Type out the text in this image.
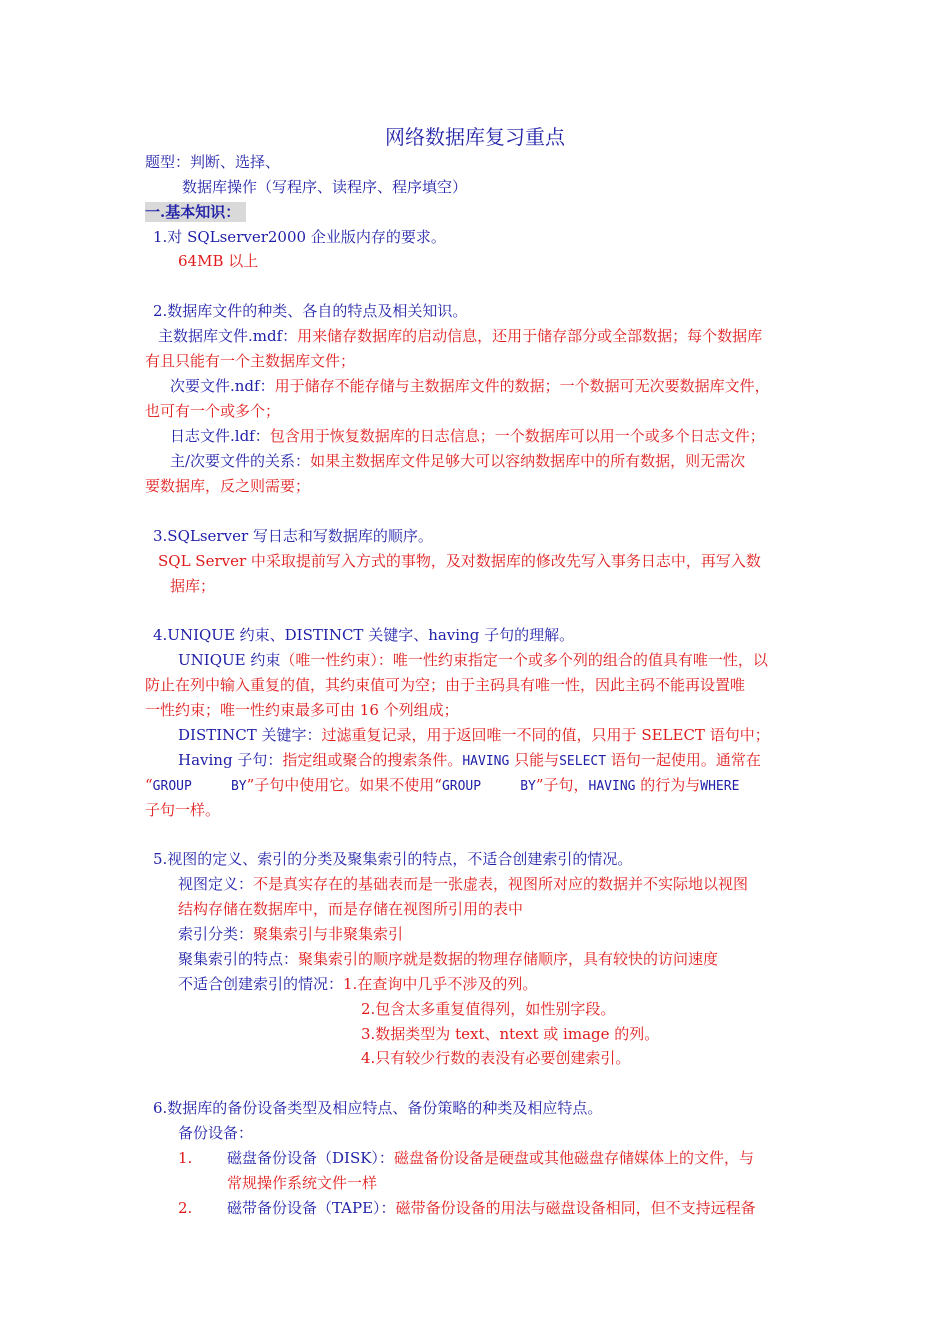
网络数据库复习重点
题型：判断、选择、
数据库操作（写程序、读程序、程序填空）
一.基本知识：
1.对 SQLserver2000 企业版内存的要求。
64MB 以上
2.数据库文件的种类、各自的特点及相关知识。
主数据库文件.mdf：用来储存数据库的启动信息，还用于储存部分或全部数据；每个数据库
有且只能有一个主数据库文件；
次要文件.ndf：用于储存不能存储与主数据库文件的数据；一个数据可无次要数据库文件，
也可有一个或多个；
日志文件.ldf：包含用于恢复数据库的日志信息；一个数据库可以用一个或多个日志文件；
主/次要文件的关系：如果主数据库文件足够大可以容纳数据库中的所有数据，则无需次
要数据库，反之则需要；
3.SQLserver 写日志和写数据库的顺序。
SQL Server 中采取提前写入方式的事物，及对数据库的修改先写入事务日志中，再写入数
据库；
4.UNIQUE 约束、DISTINCT 关键字、having 子句的理解。
UNIQUE 约束（唯一性约束）：唯一性约束指定一个或多个列的组合的值具有唯一性，以
防止在列中输入重复的值，其约束值可为空；由于主码具有唯一性，因此主码不能再设置唯
一性约束；唯一性约束最多可由 16 个列组成；
DISTINCT 关键字：过滤重复记录，用于返回唯一不同的值，只用于 SELECT 语句中；
Having 子句：指定组或聚合的搜索条件。HAVING 只能与SELECT 语句一起使用。通常在
“GROUP     BY”子句中使用它。如果不使用“GROUP     BY”子句，HAVING 的行为与WHERE
子句一样。
5.视图的定义、索引的分类及聚集索引的特点，不适合创建索引的情况。
视图定义：不是真实存在的基础表而是一张虚表，视图所对应的数据并不实际地以视图
结构存储在数据库中，而是存储在视图所引用的表中
索引分类：聚集索引与非聚集索引
聚集索引的特点：聚集索引的顺序就是数据的物理存储顺序，具有较快的访问速度
不适合创建索引的情况：1.在查询中几乎不涉及的列。
2.包含太多重复值得列，如性别字段。
3.数据类型为 text、ntext 或 image 的列。
4.只有较少行数的表没有必要创建索引。
6.数据库的备份设备类型及相应特点、备份策略的种类及相应特点。
备份设备：
1. 磁盘备份设备（DISK）：磁盘备份设备是硬盘或其他磁盘存储媒体上的文件，与
常规操作系统文件一样
2. 磁带备份设备（TAPE）：磁带备份设备的用法与磁盘设备相同，但不支持远程备
